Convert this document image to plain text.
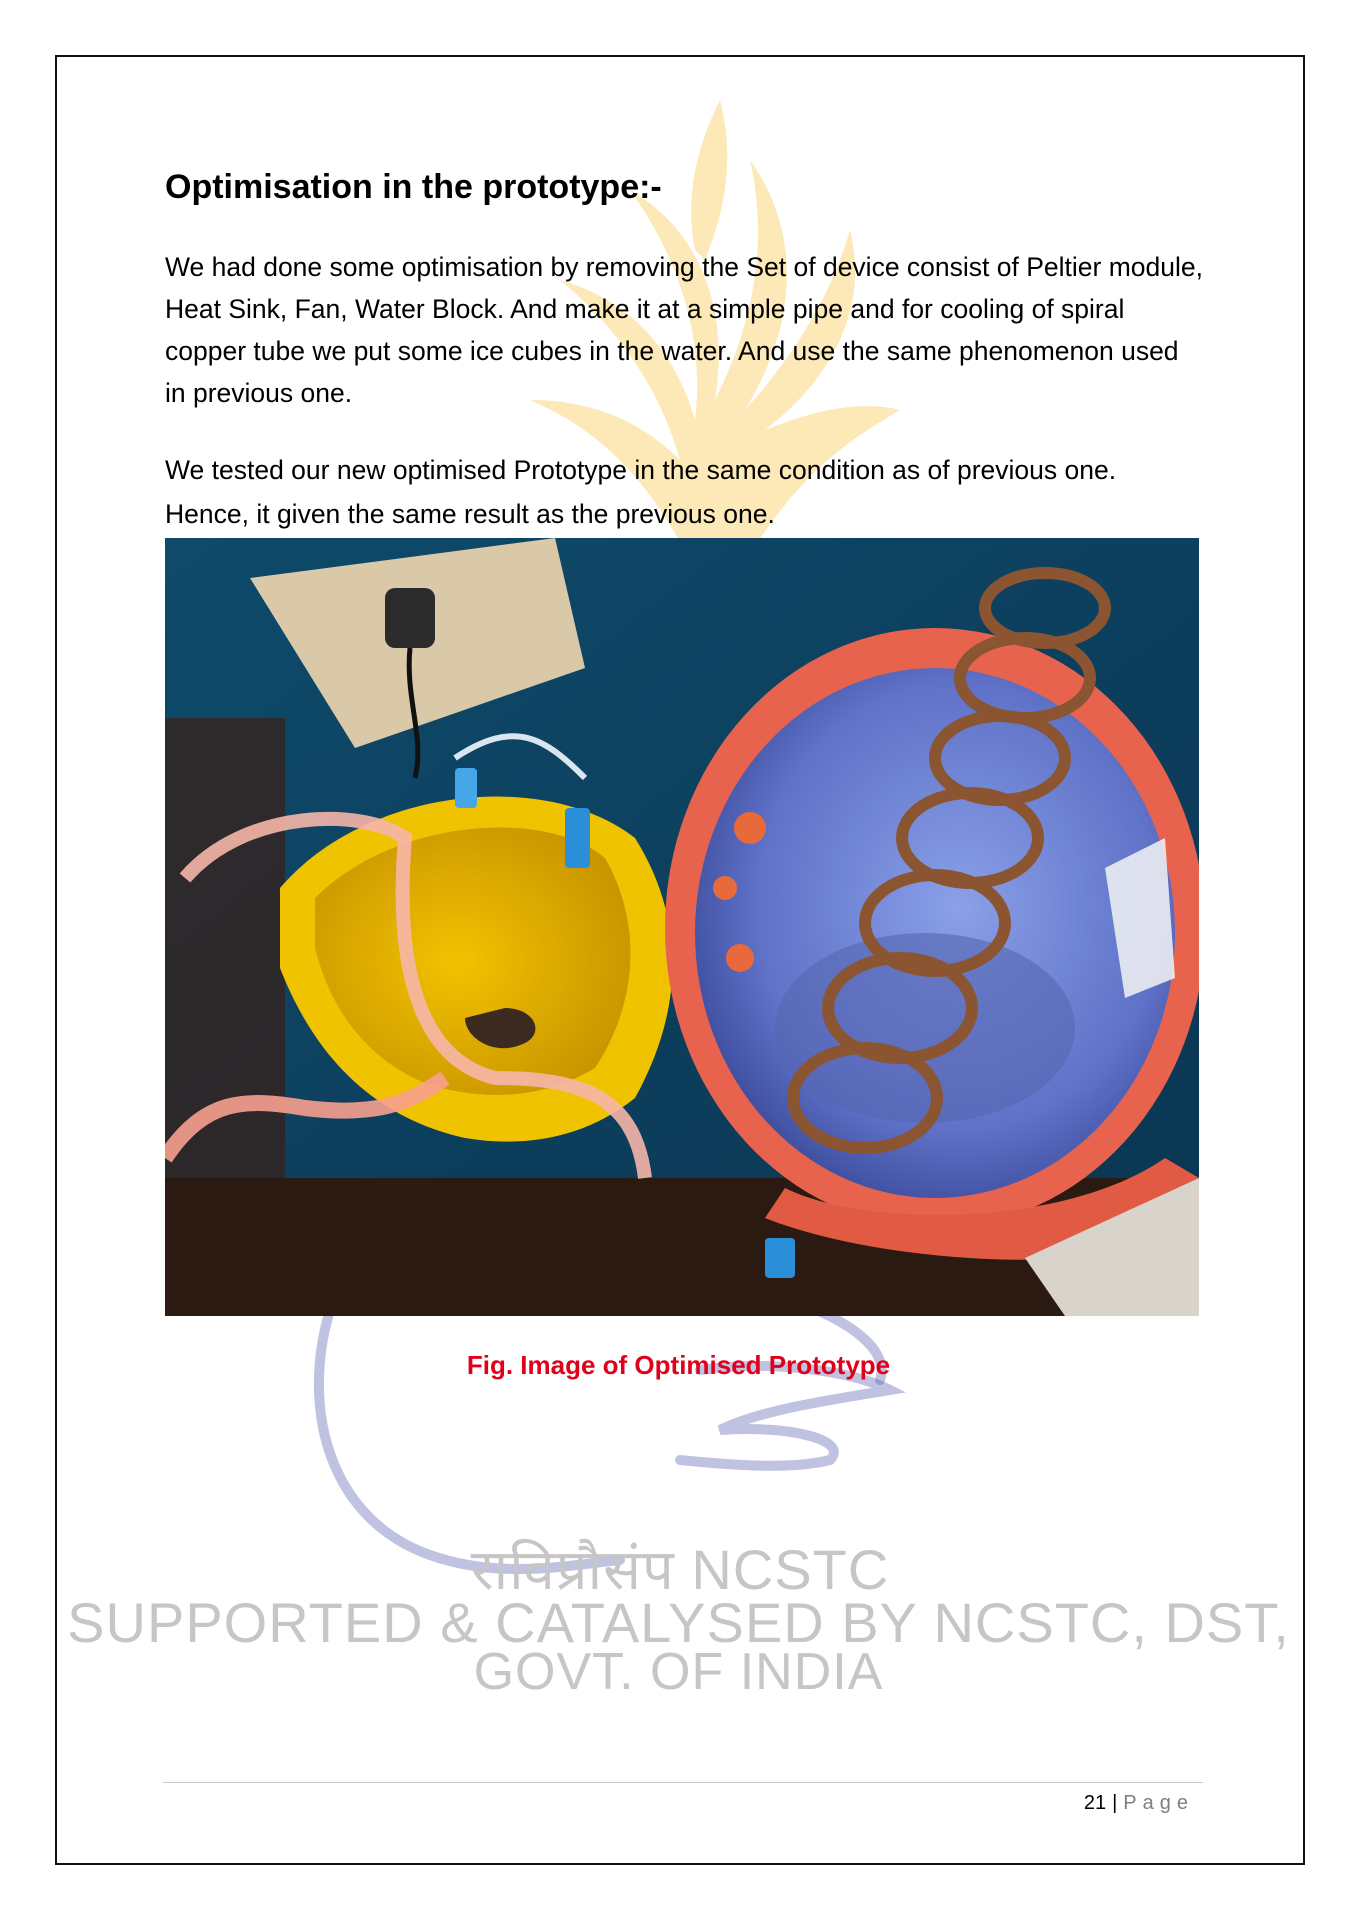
राविप्रौसंप NCSTC
SUPPORTED & CATALYSED BY NCSTC, DST,
GOVT. OF INDIA
Optimisation in the prototype:-

We had done some optimisation by removing the Set of device consist of Peltier module, Heat Sink, Fan, Water Block. And make it at a simple pipe and for cooling of spiral copper tube we put some ice cubes in the water. And use the same phenomenon used in previous one.

We tested our new optimised Prototype in the same condition as of previous one. Hence, it given the same result as the previous one.

Fig. Image of Optimised Prototype
21 | Page
